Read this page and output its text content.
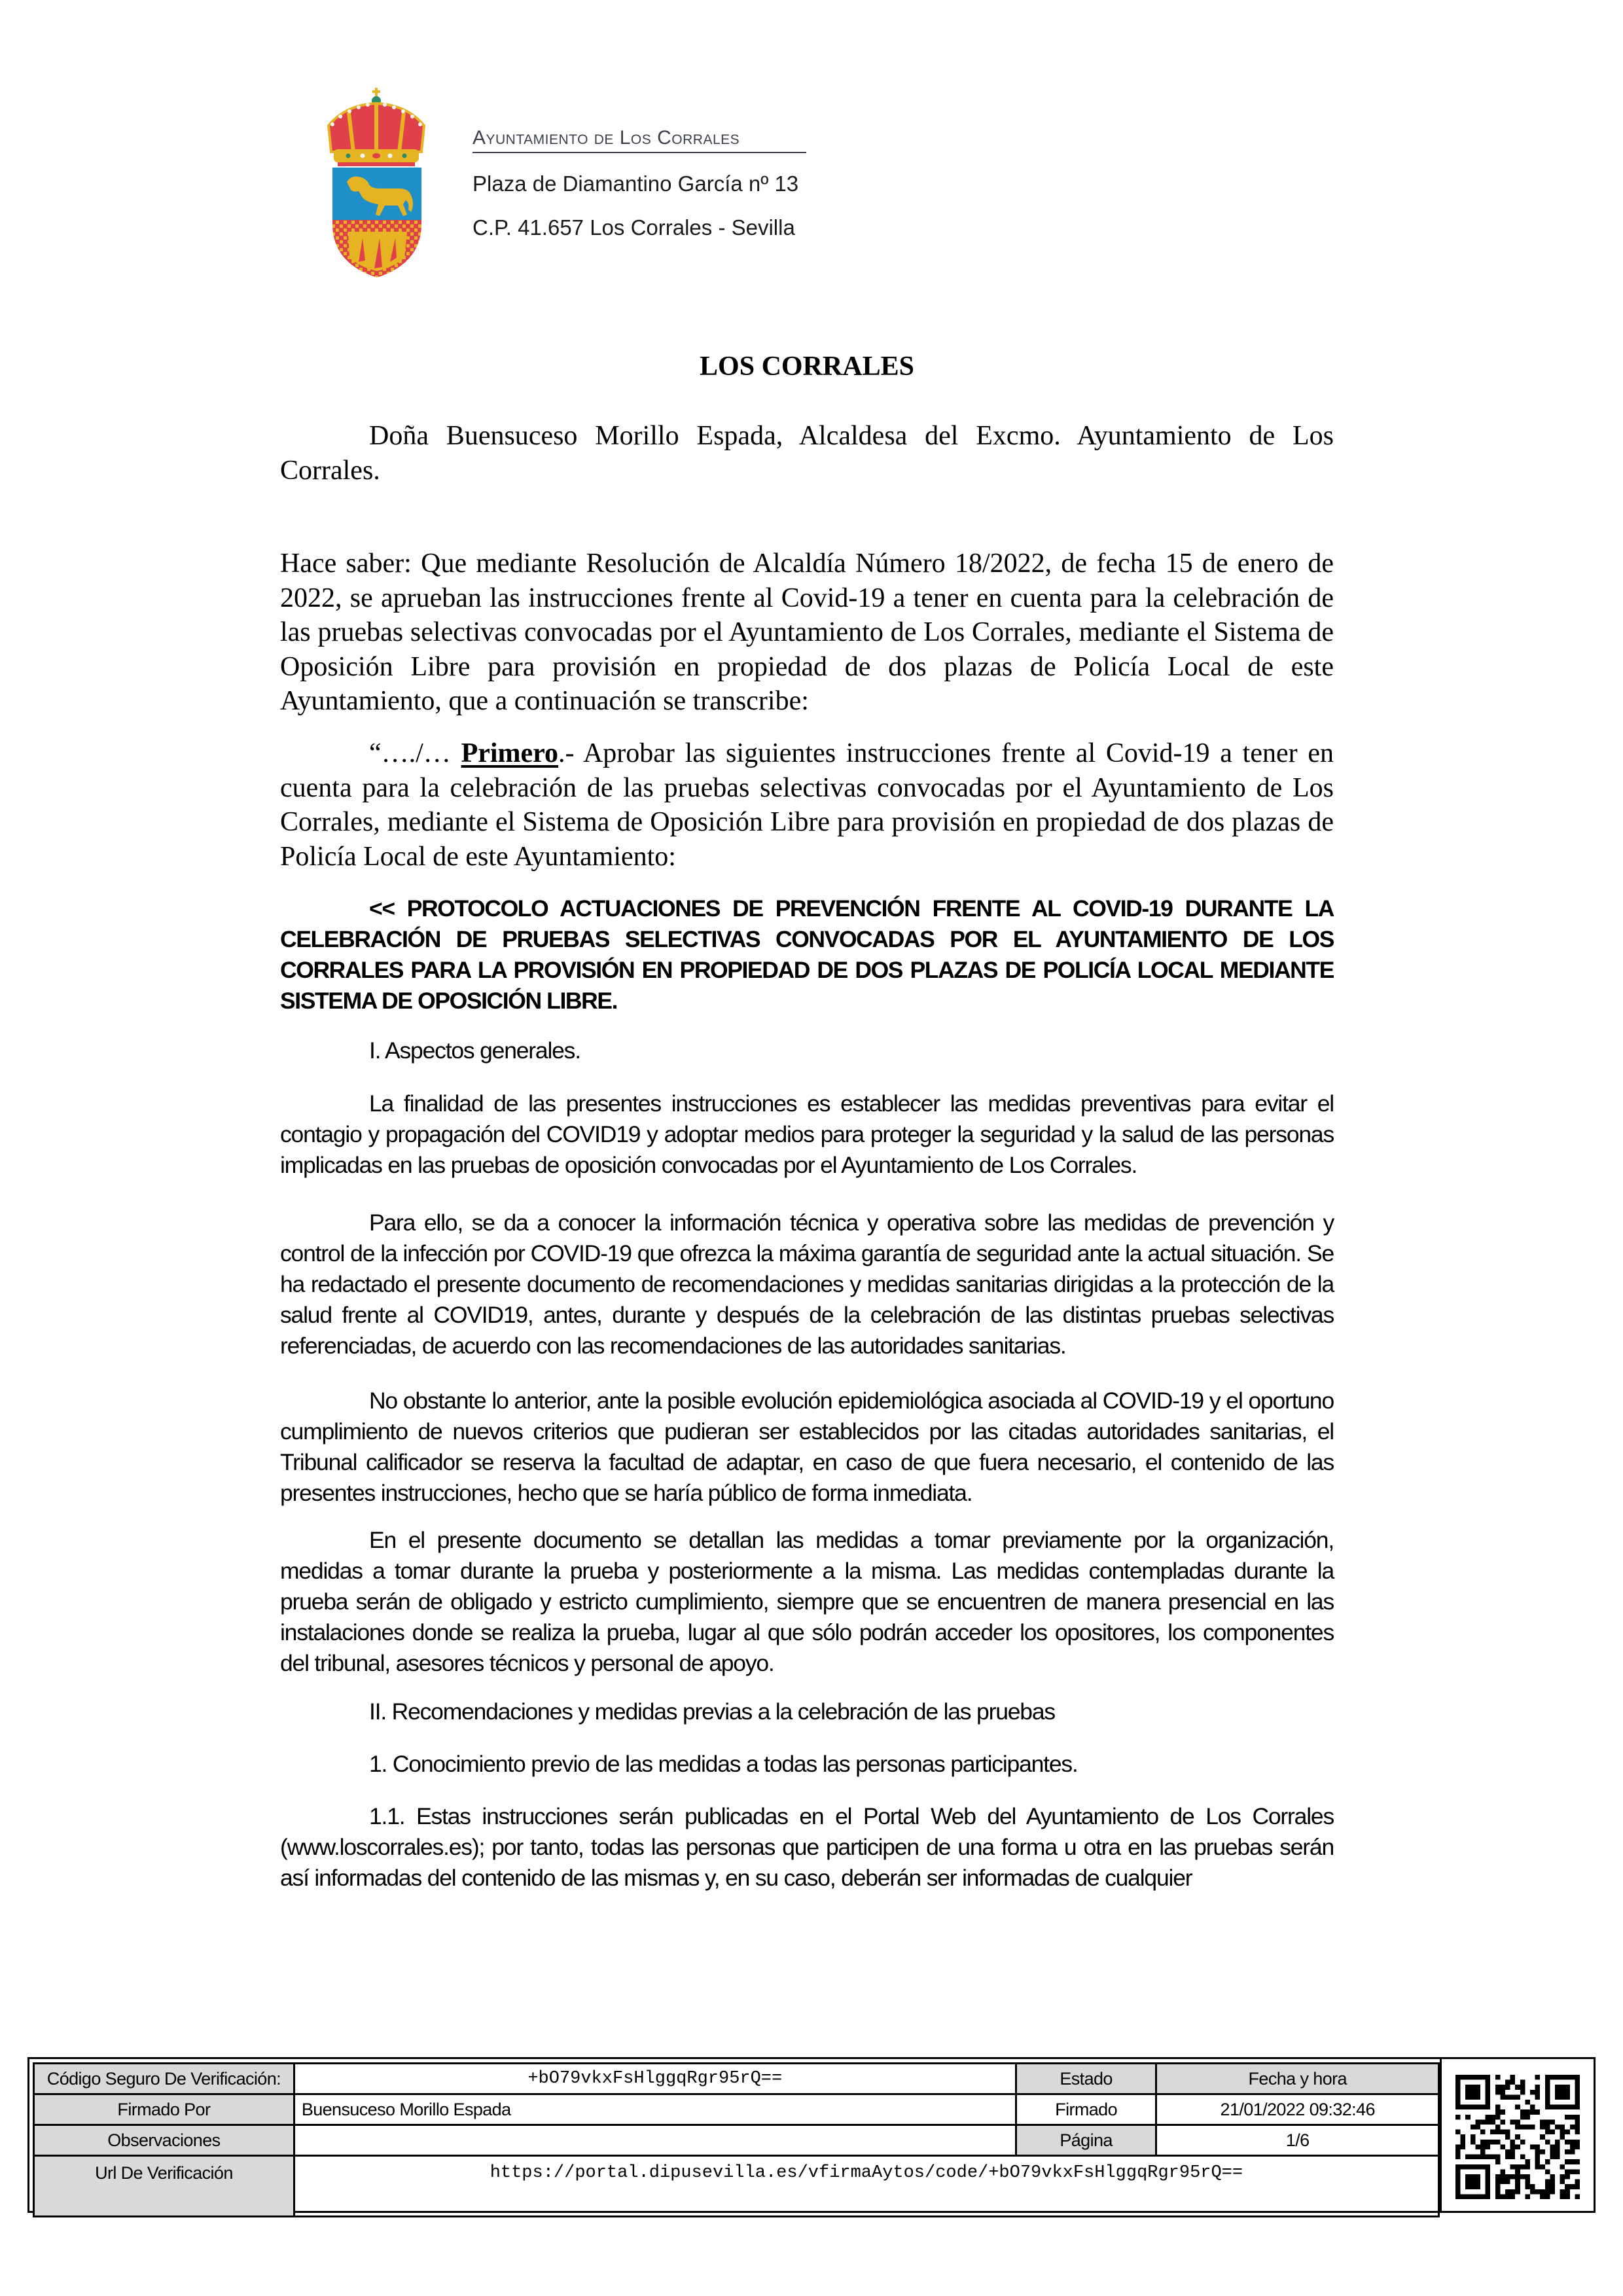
Ayuntamiento de Los Corrales
Plaza de Diamantino García nº 13
C.P. 41.657 Los Corrales - Sevilla
LOS CORRALES

Doña Buensuceso Morillo Espada, Alcaldesa del Excmo. Ayuntamiento de Los Corrales.

Hace saber: Que mediante Resolución de Alcaldía Número 18/2022, de fecha 15 de enero de 2022, se aprueban las instrucciones frente al Covid-19 a tener en cuenta para la celebración de las pruebas selectivas convocadas por el Ayuntamiento de Los Corrales, mediante el Sistema de Oposición Libre para provisión en propiedad de dos plazas de Policía Local de este Ayuntamiento, que a continuación se transcribe:

“…./… Primero.- Aprobar las siguientes instrucciones frente al Covid-19 a tener en cuenta para la celebración de las pruebas selectivas convocadas por el Ayuntamiento de Los Corrales, mediante el Sistema de Oposición Libre para provisión en propiedad de dos plazas de Policía Local de este Ayuntamiento:

<< PROTOCOLO ACTUACIONES DE PREVENCIÓN FRENTE AL COVID-19 DURANTE LA CELEBRACIÓN DE PRUEBAS SELECTIVAS CONVOCADAS POR EL AYUNTAMIENTO DE LOS CORRALES PARA LA PROVISIÓN EN PROPIEDAD DE DOS PLAZAS DE POLICÍA LOCAL MEDIANTE SISTEMA DE OPOSICIÓN LIBRE.

I. Aspectos generales.

La finalidad de las presentes instrucciones es establecer las medidas preventivas para evitar el contagio y propagación del COVID19 y adoptar medios para proteger la seguridad y la salud de las personas implicadas en las pruebas de oposición convocadas por el Ayuntamiento de Los Corrales.

Para ello, se da a conocer la información técnica y operativa sobre las medidas de prevención y control de la infección por COVID-19 que ofrezca la máxima garantía de seguridad ante la actual situación. Se ha redactado el presente documento de recomendaciones y medidas sanitarias dirigidas a la protección de la salud frente al COVID19, antes, durante y después de la celebración de las distintas pruebas selectivas referenciadas, de acuerdo con las recomendaciones de las autoridades sanitarias.

No obstante lo anterior, ante la posible evolución epidemiológica asociada al COVID-19 y el oportuno cumplimiento de nuevos criterios que pudieran ser establecidos por las citadas autoridades sanitarias, el Tribunal calificador se reserva la facultad de adaptar, en caso de que fuera necesario, el contenido de las presentes instrucciones, hecho que se haría público de forma inmediata.

En el presente documento se detallan las medidas a tomar previamente por la organización, medidas a tomar durante la prueba y posteriormente a la misma. Las medidas contempladas durante la prueba serán de obligado y estricto cumplimiento, siempre que se encuentren de manera presencial en las instalaciones donde se realiza la prueba, lugar al que sólo podrán acceder los opositores, los componentes del tribunal, asesores técnicos y personal de apoyo.

II. Recomendaciones y medidas previas a la celebración de las pruebas

1. Conocimiento previo de las medidas a todas las personas participantes.

1.1. Estas instrucciones serán publicadas en el Portal Web del Ayuntamiento de Los Corrales (www.loscorrales.es); por tanto, todas las personas que participen de una forma u otra en las pruebas serán así informadas del contenido de las mismas y, en su caso, deberán ser informadas de cualquier

Código Seguro De Verificación:	+bO79vkxFsHlggqRgr95rQ==	Estado	Fecha y hora
Firmado Por	Buensuceso Morillo Espada	Firmado	21/01/2022 09:32:46
Observaciones		Página	1/6
Url De Verificación	https://portal.dipusevilla.es/vfirmaAytos/code/+bO79vkxFsHlggqRgr95rQ==		
